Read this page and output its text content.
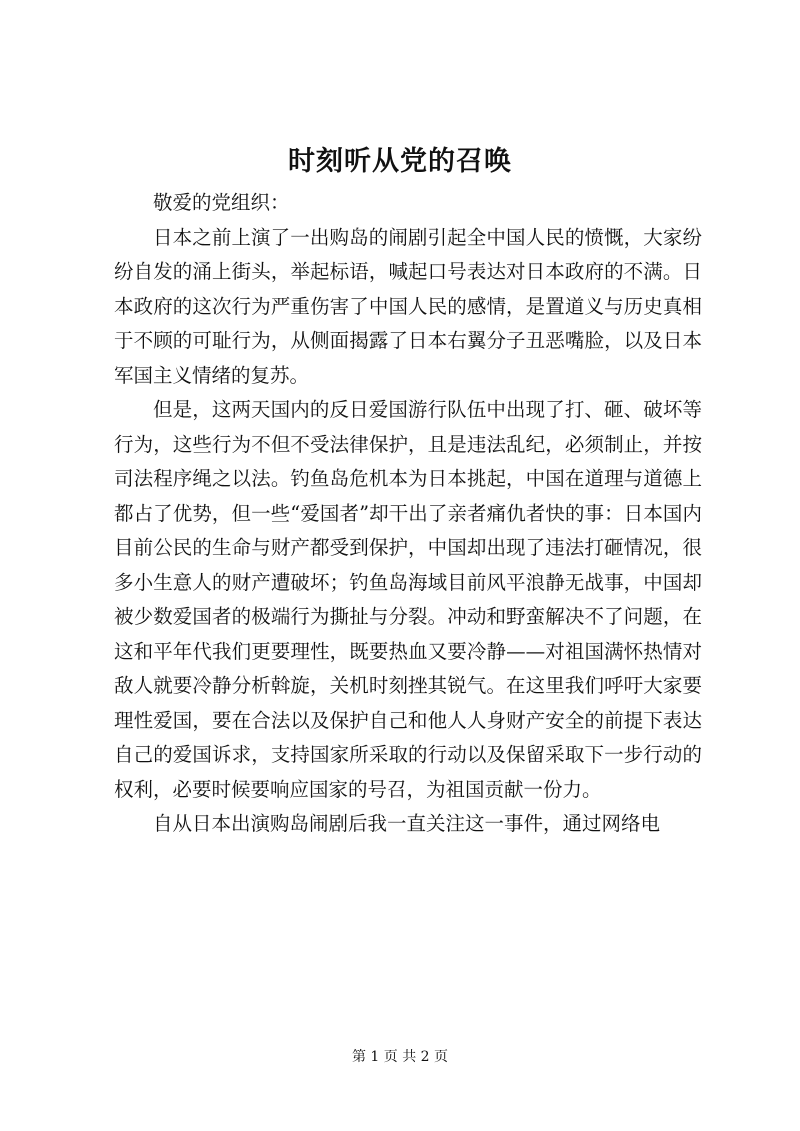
时刻听从党的召唤

敬爱的党组织：

日本之前上演了一出购岛的闹剧引起全中国人民的愤慨，大家纷纷自发的涌上街头，举起标语，喊起口号表达对日本政府的不满。日本政府的这次行为严重伤害了中国人民的感情，是置道义与历史真相于不顾的可耻行为，从侧面揭露了日本右翼分子丑恶嘴脸，以及日本军国主义情绪的复苏。

但是，这两天国内的反日爱国游行队伍中出现了打、砸、破坏等行为，这些行为不但不受法律保护，且是违法乱纪，必须制止，并按司法程序绳之以法。钓鱼岛危机本为日本挑起，中国在道理与道德上都占了优势，但一些“爱国者”却干出了亲者痛仇者快的事：日本国内目前公民的生命与财产都受到保护，中国却出现了违法打砸情况，很多小生意人的财产遭破坏；钓鱼岛海域目前风平浪静无战事，中国却被少数爱国者的极端行为撕扯与分裂。冲动和野蛮解决不了问题，在这和平年代我们更要理性，既要热血又要冷静——对祖国满怀热情对敌人就要冷静分析斡旋，关机时刻挫其锐气。在这里我们呼吁大家要理性爱国，要在合法以及保护自己和他人人身财产安全的前提下表达自己的爱国诉求，支持国家所采取的行动以及保留采取下一步行动的权利，必要时候要响应国家的号召，为祖国贡献一份力。

自从日本出演购岛闹剧后我一直关注这一事件，通过网络电

第 1 页 共 2 页
